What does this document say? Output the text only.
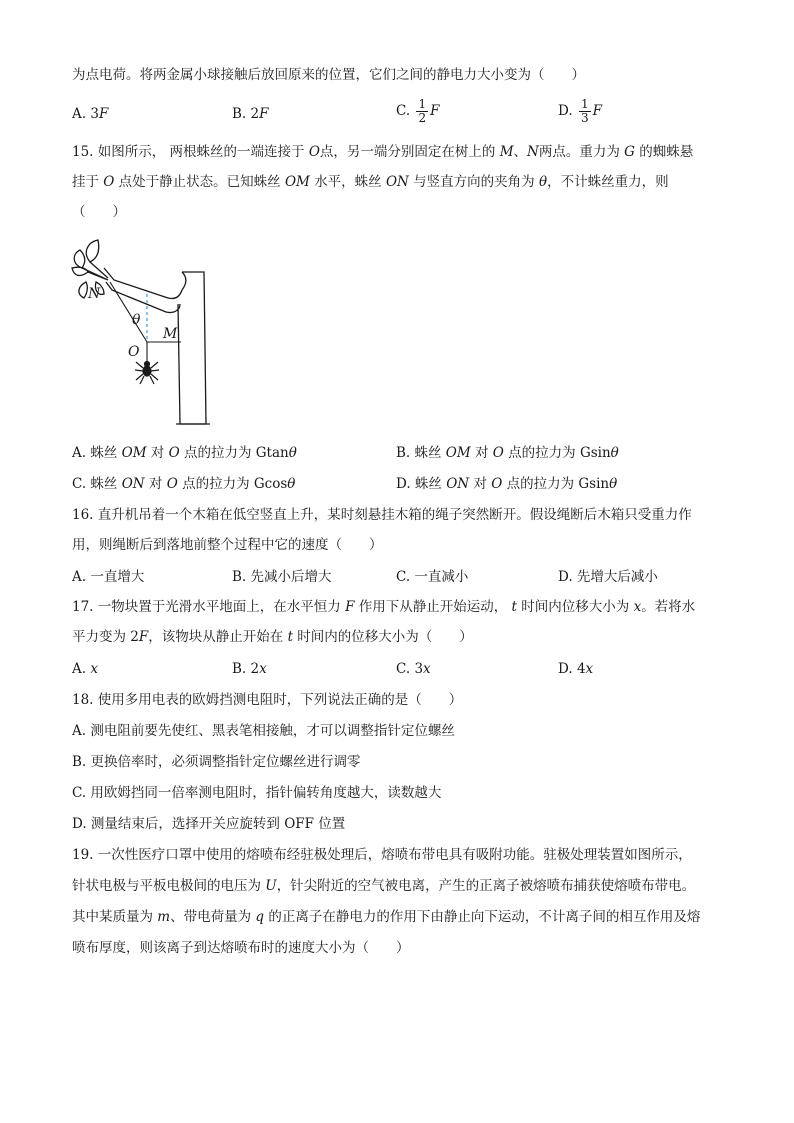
为点电荷。将两金属小球接触后放回原来的位置，它们之间的静电力大小变为（　　）
A. 3F	B. 2F	C. $\frac{1}{2}$ F	D. $\frac{1}{3}$ F
15. 如图所示， 两根蛛丝的一端连接于 O点，另一端分别固定在树上的 M、N两点。重力为 G 的蜘蛛悬
挂于 O 点处于静止状态。已知蛛丝 OM 水平，蛛丝 ON 与竖直方向的夹角为 θ，不计蛛丝重力，则
（　　）
N
θ
M
O
A. 蛛丝 OM 对 O 点的拉力为 Gtanθ	B. 蛛丝 OM 对 O 点的拉力为 Gsinθ
C. 蛛丝 ON 对 O 点的拉力为 Gcosθ	D. 蛛丝 ON 对 O 点的拉力为 Gsinθ
16. 直升机吊着一个木箱在低空竖直上升，某时刻悬挂木箱的绳子突然断开。假设绳断后木箱只受重力作
用，则绳断后到落地前整个过程中它的速度（　　）
A. 一直增大	B. 先减小后增大	C. 一直减小	D. 先增大后减小
17. 一物块置于光滑水平地面上，在水平恒力 F 作用下从静止开始运动， t 时间内位移大小为 x。若将水
平力变为 2F，该物块从静止开始在 t 时间内的位移大小为（　　）
A. x	B. 2x	C. 3x	D. 4x
18. 使用多用电表的欧姆挡测电阻时，下列说法正确的是（　　）
A. 测电阻前要先使红、黑表笔相接触，才可以调整指针定位螺丝
B. 更换倍率时，必须调整指针定位螺丝进行调零
C. 用欧姆挡同一倍率测电阻时，指针偏转角度越大，读数越大
D. 测量结束后，选择开关应旋转到 OFF 位置
19. 一次性医疗口罩中使用的熔喷布经驻极处理后，熔喷布带电具有吸附功能。驻极处理装置如图所示，
针状电极与平板电极间的电压为 U，针尖附近的空气被电离，产生的正离子被熔喷布捕获使熔喷布带电。
其中某质量为 m、带电荷量为 q 的正离子在静电力的作用下由静止向下运动，不计离子间的相互作用及熔
喷布厚度，则该离子到达熔喷布时的速度大小为（　　）
